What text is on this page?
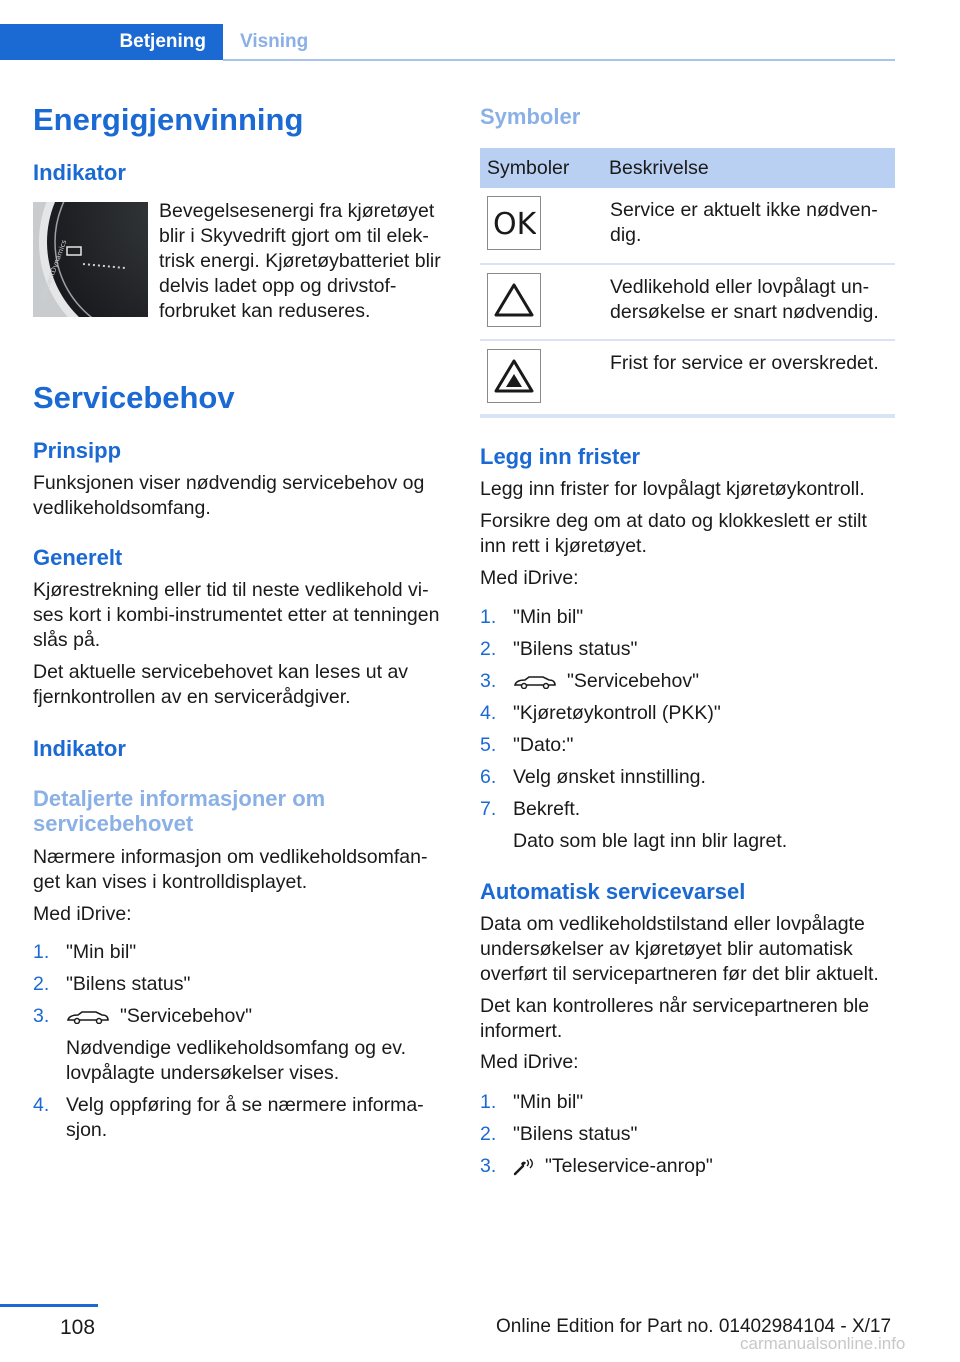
Betjening	Visning
Energigjenvinning
Indikator
EfficientDynamics

Bevegelsesenergi fra kjøretøyet blir i Skyvedrift gjort om til elektrisk energi. Kjøretøybatteriet blir delvis ladet opp og drivstofforbruket kan reduseres.

Servicebehov
Prinsipp

Funksjonen viser nødvendig servicebehov og vedlikeholdsomfang.

Generelt

Kjørestrekning eller tid til neste vedlikehold vises kort i kombi-instrumentet etter at tenningen slås på.

Det aktuelle servicebehovet kan leses ut av fjernkontrollen av en servicerådgiver.

Indikator
Detaljerte informasjoner om
servicebehovet

Nærmere informasjon om vedlikeholdsomfanget kan vises i kontrolldisplayet.

Med iDrive:

1. "Min bil"
2. "Bilens status"
3.	"Servicebehov"
Nødvendige vedlikeholdsomfang og ev. lovpålagte undersøkelser vises.
4. Velg oppføring for å se nærmere informasjon.
Symboler
Symboler	Beskrivelse

OK	Service er aktuelt ikke nødvendig.

	Vedlikehold eller lovpålagt undersøkelse er snart nødvendig.

	Frist for service er overskredet.
Legg inn frister

Legg inn frister for lovpålagt kjøretøykontroll.

Forsikre deg om at dato og klokkeslett er stilt inn rett i kjøretøyet.

Med iDrive:

1. "Min bil"
2. "Bilens status"
3.	"Servicebehov"
4. "Kjøretøykontroll (PKK)"
5. "Dato:"
6. Velg ønsket innstilling.
7. Bekreft.
Dato som ble lagt inn blir lagret.
Automatisk servicevarsel

Data om vedlikeholdstilstand eller lovpålagte undersøkelser av kjøretøyet blir automatisk overført til servicepartneren før det blir aktuelt.

Det kan kontrolleres når servicepartneren ble informert.

Med iDrive:

1. "Min bil"
2. "Bilens status"
3. "Teleservice-anrop"
108	Online Edition for Part no. 01402984104 - X/17
carmanualsonline.info
